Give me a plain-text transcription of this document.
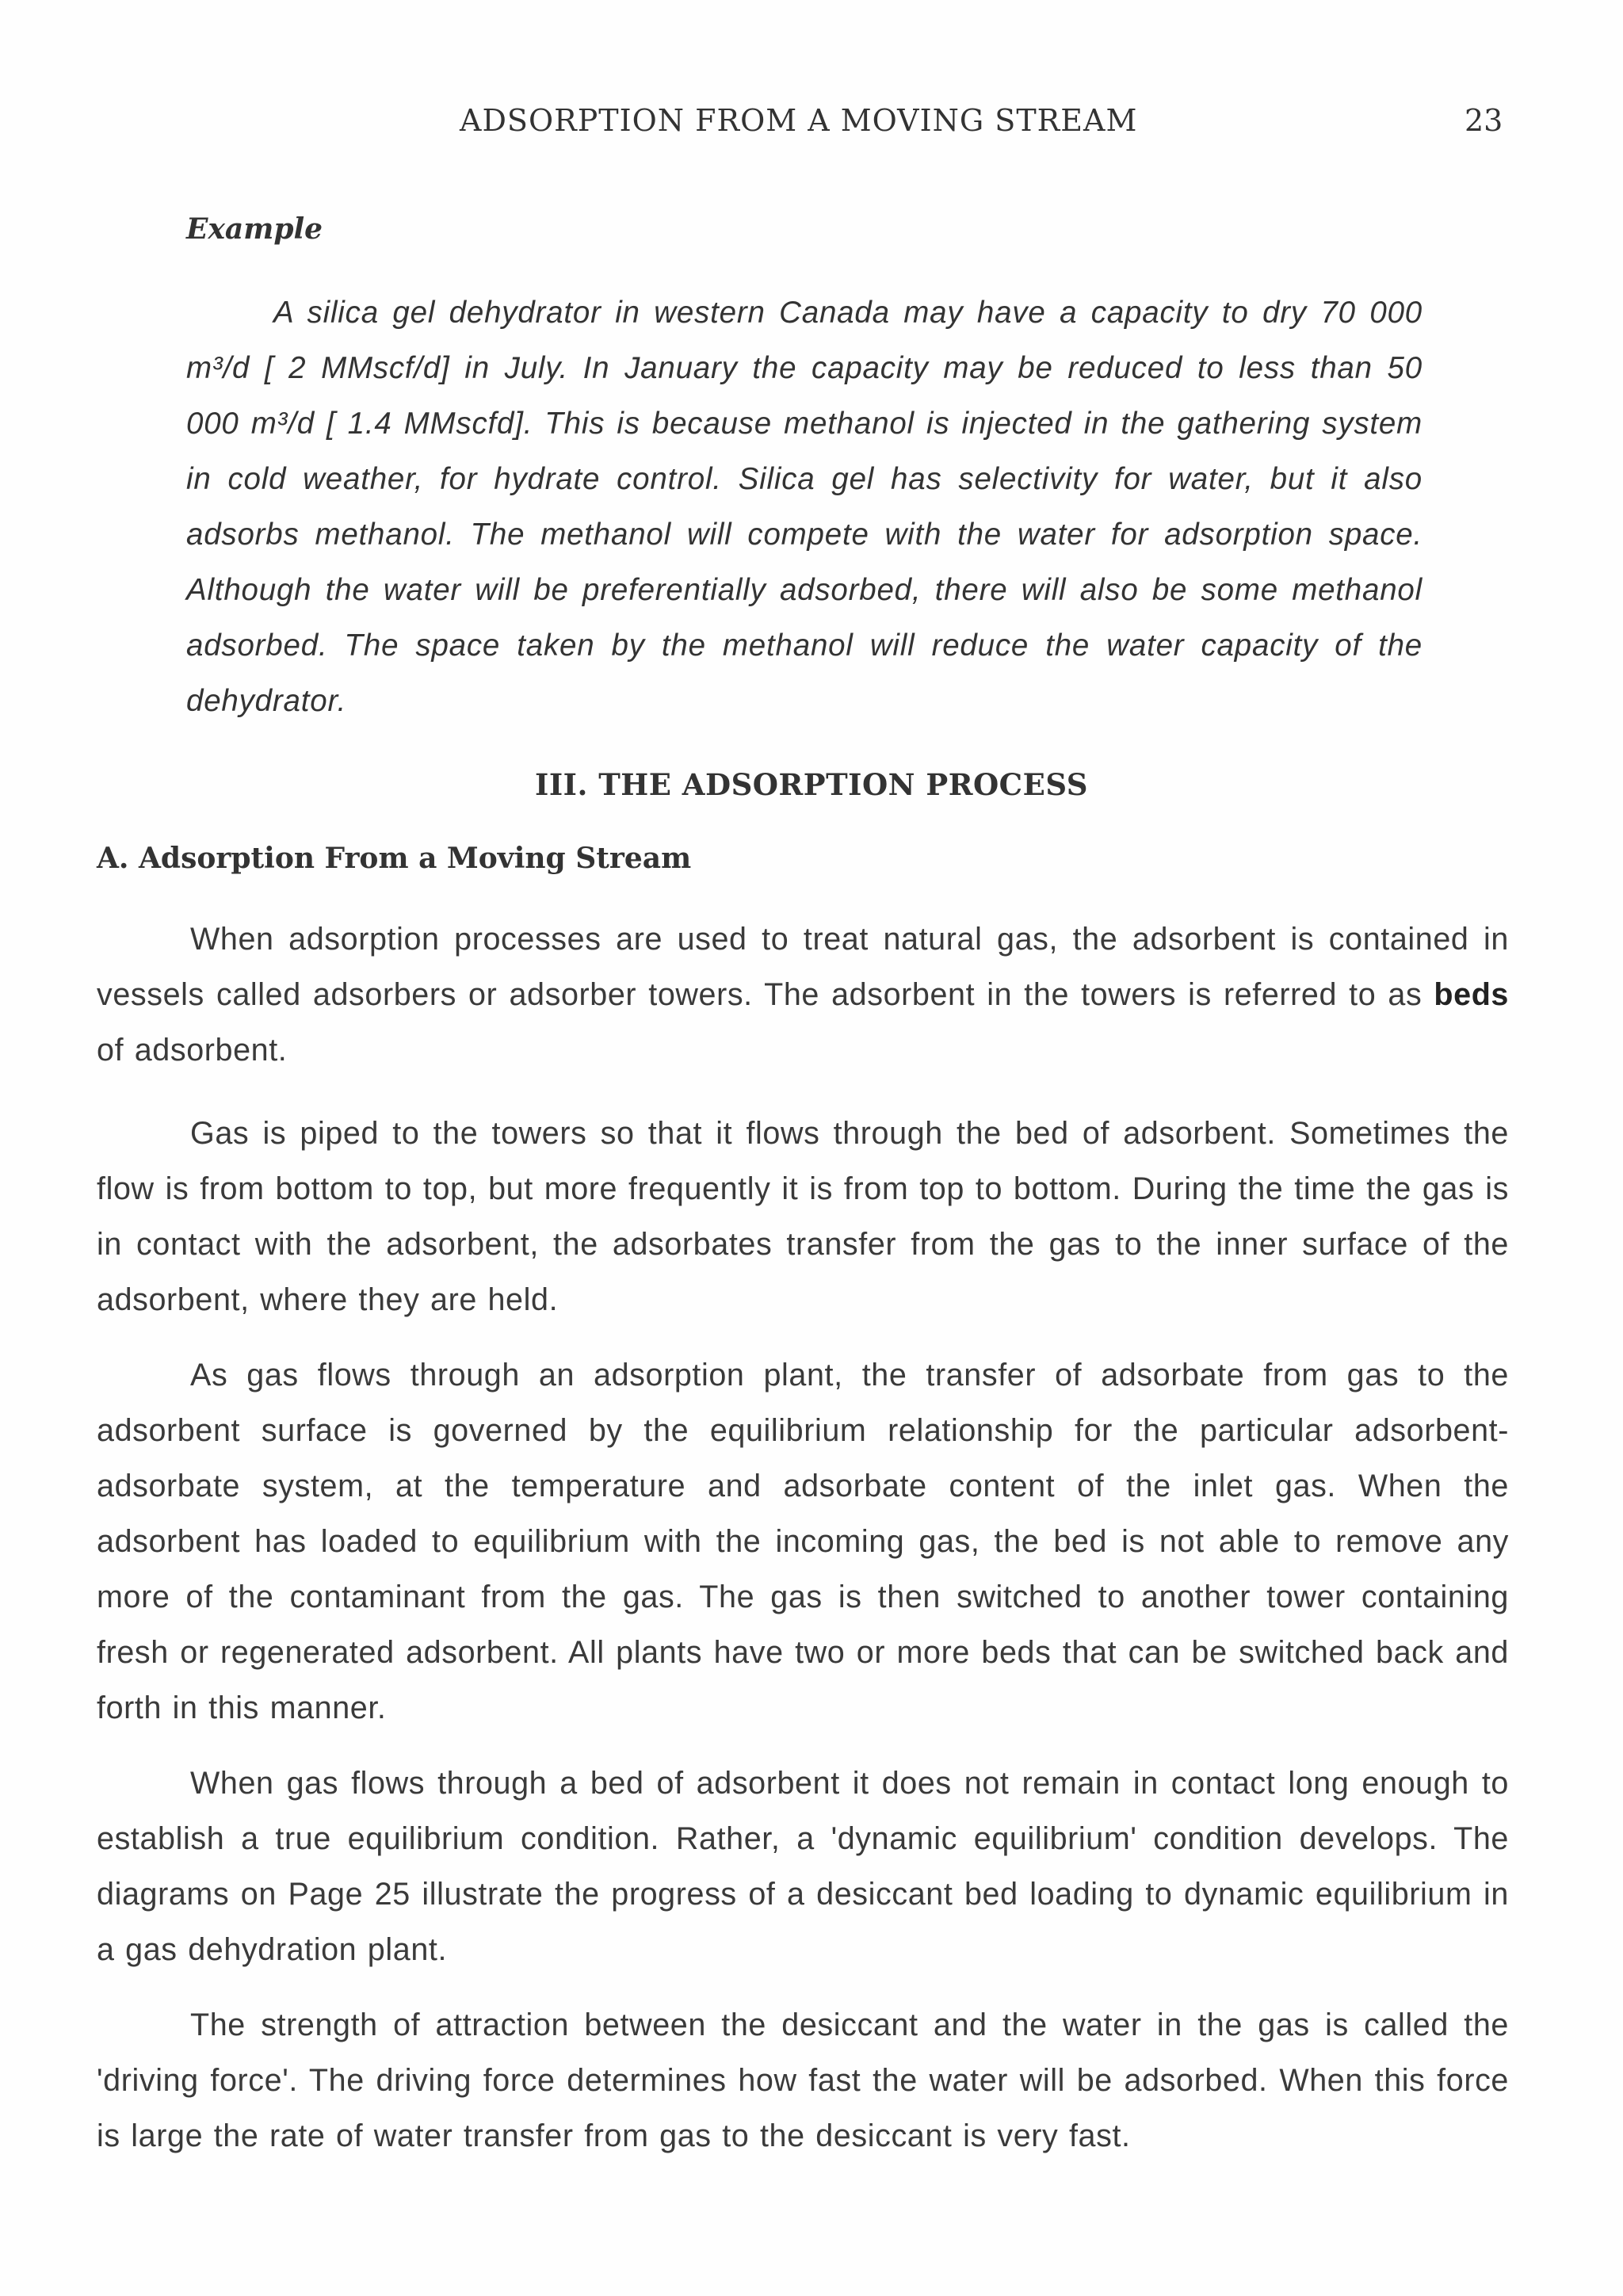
ADSORPTION FROM A MOVING STREAM	23
Example

A silica gel dehydrator in western Canada may have a capacity to dry 70 000 m³/d [ 2 MMscf/d] in July. In January the capacity may be reduced to less than 50 000 m³/d [ 1.4 MMscfd]. This is because methanol is injected in the gathering system in cold weather, for hydrate control. Silica gel has selectivity for water, but it also adsorbs methanol. The methanol will compete with the water for adsorption space. Although the water will be preferentially adsorbed, there will also be some methanol adsorbed. The space taken by the methanol will reduce the water capacity of the dehydrator.

III. THE ADSORPTION PROCESS
A. Adsorption From a Moving Stream

When adsorption processes are used to treat natural gas, the adsorbent is contained in vessels called adsorbers or adsorber towers. The adsorbent in the towers is referred to as beds of adsorbent.

Gas is piped to the towers so that it flows through the bed of adsorbent. Sometimes the flow is from bottom to top, but more frequently it is from top to bottom. During the time the gas is in contact with the adsorbent, the adsorbates transfer from the gas to the inner surface of the adsorbent, where they are held.

As gas flows through an adsorption plant, the transfer of adsorbate from gas to the adsorbent surface is governed by the equilibrium relationship for the particular adsorbent-adsorbate system, at the temperature and adsorbate content of the inlet gas. When the adsorbent has loaded to equilibrium with the incoming gas, the bed is not able to remove any more of the contaminant from the gas. The gas is then switched to another tower containing fresh or regenerated adsorbent. All plants have two or more beds that can be switched back and forth in this manner.

When gas flows through a bed of adsorbent it does not remain in contact long enough to establish a true equilibrium condition. Rather, a 'dynamic equilibrium' condition develops. The diagrams on Page 25 illustrate the progress of a desiccant bed loading to dynamic equilibrium in a gas dehydration plant.

The strength of attraction between the desiccant and the water in the gas is called the 'driving force'. The driving force determines how fast the water will be adsorbed. When this force is large the rate of water transfer from gas to the desiccant is very fast.
